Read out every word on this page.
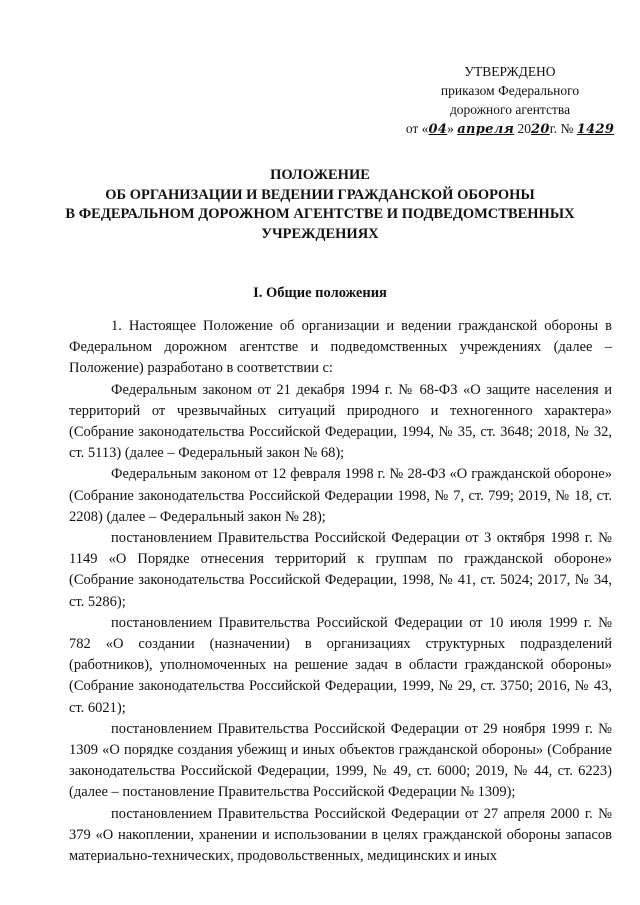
УТВЕРЖДЕНО
приказом Федерального
дорожного агентства
от «04» апреля 2020г. № 1429
ПОЛОЖЕНИЕ
ОБ ОРГАНИЗАЦИИ И ВЕДЕНИИ ГРАЖДАНСКОЙ ОБОРОНЫ
В ФЕДЕРАЛЬНОМ ДОРОЖНОМ АГЕНТСТВЕ И ПОДВЕДОМСТВЕННЫХ
УЧРЕЖДЕНИЯХ
I. Общие положения

1. Настоящее Положение об организации и ведении гражданской обороны в Федеральном дорожном агентстве и подведомственных учреждениях (далее – Положение) разработано в соответствии с:

Федеральным законом от 21 декабря 1994 г. № 68-ФЗ «О защите населения и территорий от чрезвычайных ситуаций природного и техногенного характера» (Собрание законодательства Российской Федерации, 1994, № 35, ст. 3648; 2018, № 32, ст. 5113) (далее – Федеральный закон № 68);

Федеральным законом от 12 февраля 1998 г. № 28-ФЗ «О гражданской обороне» (Собрание законодательства Российской Федерации 1998, № 7, ст. 799; 2019, № 18, ст. 2208) (далее – Федеральный закон № 28);

постановлением Правительства Российской Федерации от 3 октября 1998 г. № 1149 «О Порядке отнесения территорий к группам по гражданской обороне» (Собрание законодательства Российской Федерации, 1998, № 41, ст. 5024; 2017, № 34, ст. 5286);

постановлением Правительства Российской Федерации от 10 июля 1999 г. № 782 «О создании (назначении) в организациях структурных подразделений (работников), уполномоченных на решение задач в области гражданской обороны» (Собрание законодательства Российской Федерации, 1999, № 29, ст. 3750; 2016, № 43, ст. 6021);

постановлением Правительства Российской Федерации от 29 ноября 1999 г. № 1309 «О порядке создания убежищ и иных объектов гражданской обороны» (Собрание законодательства Российской Федерации, 1999, № 49, ст. 6000; 2019, № 44, ст. 6223) (далее – постановление Правительства Российской Федерации № 1309);

постановлением Правительства Российской Федерации от 27 апреля 2000 г. № 379 «О накоплении, хранении и использовании в целях гражданской обороны запасов материально-технических, продовольственных, медицинских и иных
